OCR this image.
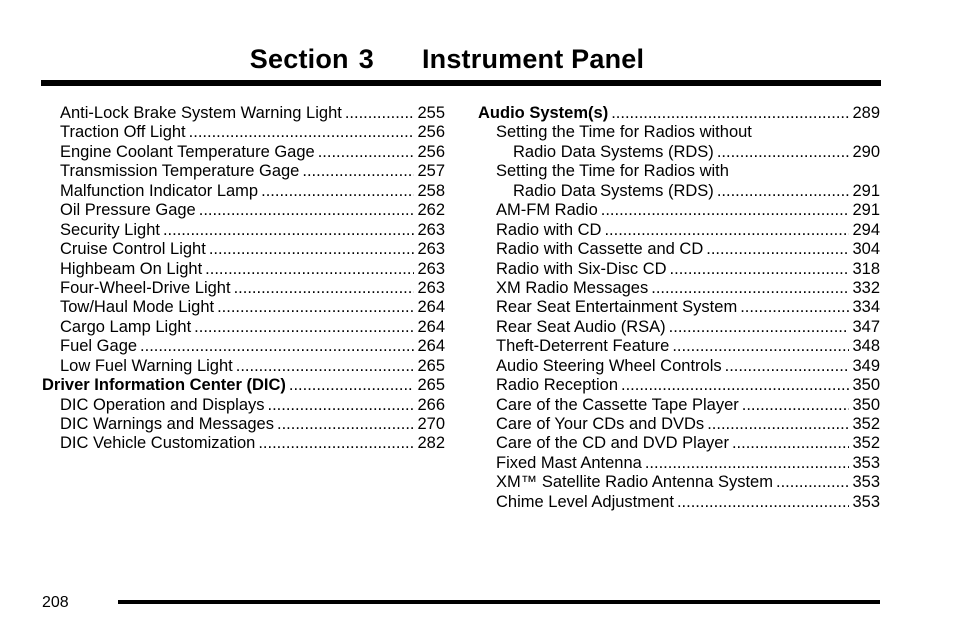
Section 3 Instrument Panel
Anti-Lock Brake System Warning Light .....	255
Traction Off Light .....	256
Engine Coolant Temperature Gage .....	256
Transmission Temperature Gage .....	257
Malfunction Indicator Lamp .....	258
Oil Pressure Gage .....	262
Security Light .....	263
Cruise Control Light .....	263
Highbeam On Light .....	263
Four-Wheel-Drive Light .....	263
Tow/Haul Mode Light .....	264
Cargo Lamp Light .....	264
Fuel Gage .....	264
Low Fuel Warning Light .....	265
Driver Information Center (DIC) .....	265
DIC Operation and Displays .....	266
DIC Warnings and Messages .....	270
DIC Vehicle Customization .....	282
Audio System(s) .....	289
Setting the Time for Radios without
Radio Data Systems (RDS) .....	290
Setting the Time for Radios with
Radio Data Systems (RDS) .....	291
AM-FM Radio .....	291
Radio with CD .....	294
Radio with Cassette and CD .....	304
Radio with Six-Disc CD .....	318
XM Radio Messages .....	332
Rear Seat Entertainment System .....	334
Rear Seat Audio (RSA) .....	347
Theft-Deterrent Feature .....	348
Audio Steering Wheel Controls .....	349
Radio Reception .....	350
Care of the Cassette Tape Player .....	350
Care of Your CDs and DVDs .....	352
Care of the CD and DVD Player .....	352
Fixed Mast Antenna .....	353
XM™ Satellite Radio Antenna System .....	353
Chime Level Adjustment .....	353
208
